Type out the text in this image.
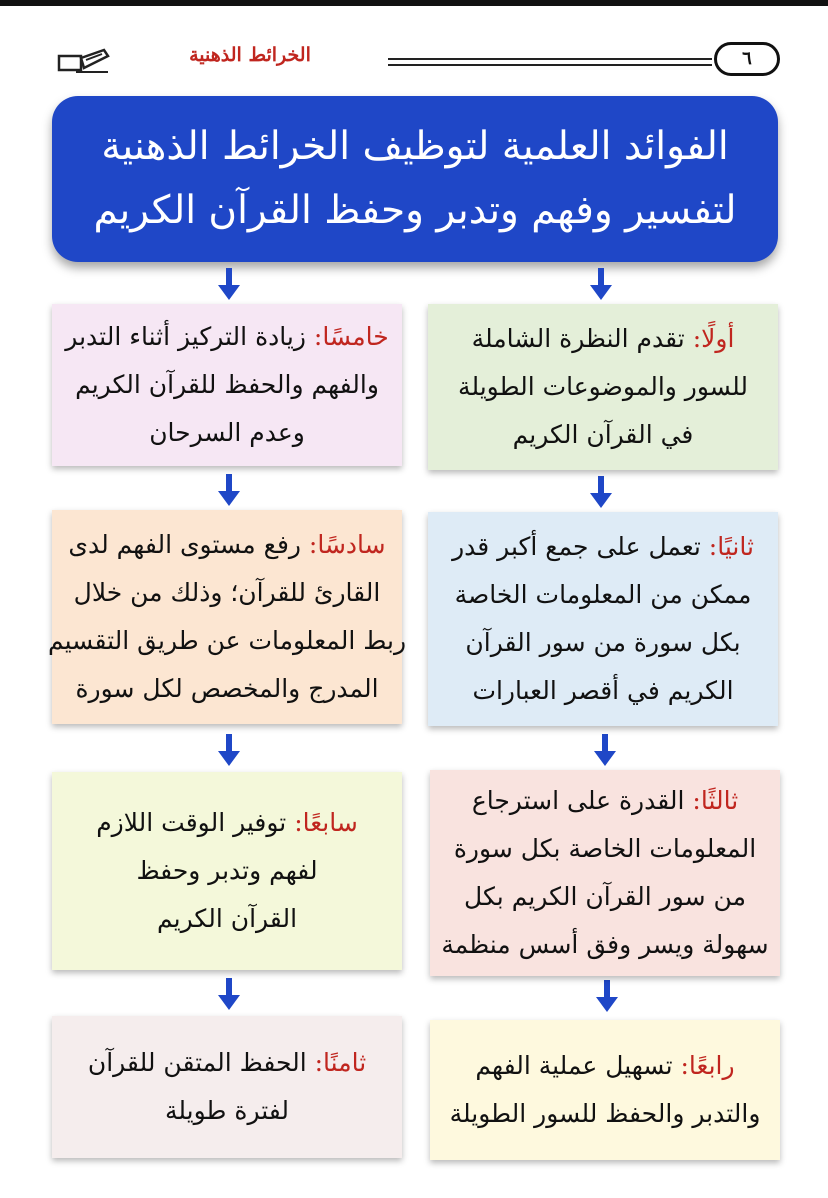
الخرائط الذهنية	٦
الفوائد العلمية لتوظيف الخرائط الذهنية
لتفسير وفهم وتدبر وحفظ القرآن الكريم
أولًا: تقدم النظرة الشاملة
للسور والموضوعات الطويلة
في القرآن الكريم
ثانيًا: تعمل على جمع أكبر قدر
ممكن من المعلومات الخاصة
بكل سورة من سور القرآن
الكريم في أقصر العبارات
ثالثًا: القدرة على استرجاع
المعلومات الخاصة بكل سورة
من سور القرآن الكريم بكل
سهولة ويسر وفق أسس منظمة
رابعًا: تسهيل عملية الفهم
والتدبر والحفظ للسور الطويلة
خامسًا: زيادة التركيز أثناء التدبر
والفهم والحفظ للقرآن الكريم
وعدم السرحان
سادسًا: رفع مستوى الفهم لدى
القارئ للقرآن؛ وذلك من خلال
ربط المعلومات عن طريق التقسيم
المدرج والمخصص لكل سورة
سابعًا: توفير الوقت اللازم
لفهم وتدبر وحفظ
القرآن الكريم
ثامنًا: الحفظ المتقن للقرآن
لفترة طويلة
